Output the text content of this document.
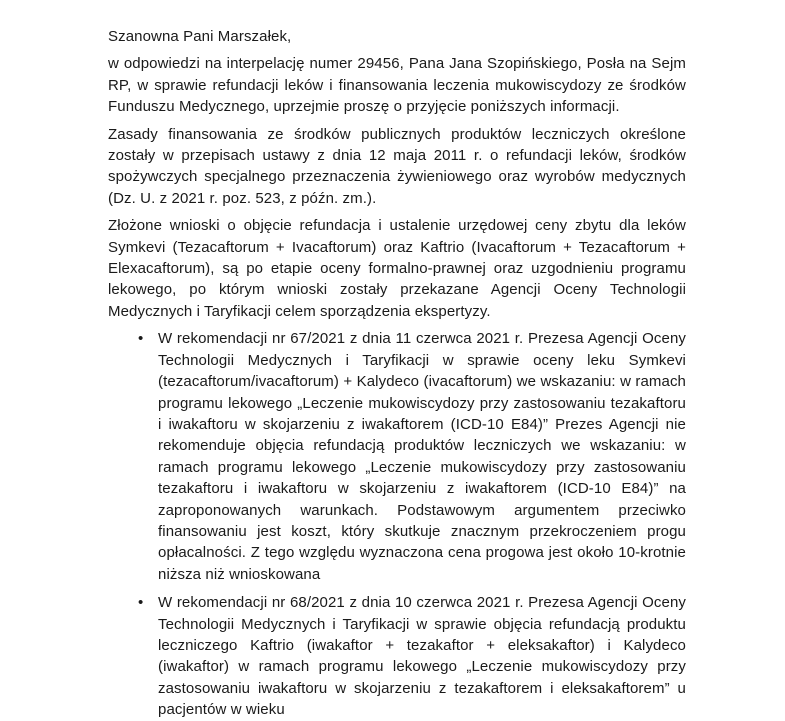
Szanowna Pani Marszałek,

w odpowiedzi na interpelację numer 29456, Pana Jana Szopińskiego, Posła na Sejm RP, w sprawie refundacji leków i finansowania leczenia mukowiscydozy ze środków Funduszu Medycznego, uprzejmie proszę o przyjęcie poniższych informacji.

Zasady finansowania ze środków publicznych produktów leczniczych określone zostały w przepisach ustawy z dnia 12 maja 2011 r. o refundacji leków, środków spożywczych specjalnego przeznaczenia żywieniowego oraz wyrobów medycznych (Dz. U. z 2021 r. poz. 523, z późn. zm.).

Złożone wnioski o objęcie refundacja i ustalenie urzędowej ceny zbytu dla leków Symkevi (Tezacaftorum + Ivacaftorum) oraz Kaftrio (Ivacaftorum + Tezacaftorum + Elexacaftorum), są po etapie oceny formalno-prawnej oraz uzgodnieniu programu lekowego, po którym wnioski zostały przekazane Agencji Oceny Technologii Medycznych i Taryfikacji celem sporządzenia ekspertyzy.

• W rekomendacji nr 67/2021 z dnia 11 czerwca 2021 r. Prezesa Agencji Oceny Technologii Medycznych i Taryfikacji w sprawie oceny leku Symkevi (tezacaftorum/ivacaftorum) + Kalydeco (ivacaftorum) we wskazaniu: w ramach programu lekowego „Leczenie mukowiscydozy przy zastosowaniu tezakaftoru i iwakaftoru w skojarzeniu z iwakaftorem (ICD-10 E84)” Prezes Agencji nie rekomenduje objęcia refundacją produktów leczniczych we wskazaniu: w ramach programu lekowego „Leczenie mukowiscydozy przy zastosowaniu tezakaftoru i iwakaftoru w skojarzeniu z iwakaftorem (ICD-10 E84)” na zaproponowanych warunkach. Podstawowym argumentem przeciwko finansowaniu jest koszt, który skutkuje znacznym przekroczeniem progu opłacalności. Z tego względu wyznaczona cena progowa jest około 10-krotnie niższa niż wnioskowana
• W rekomendacji nr 68/2021 z dnia 10 czerwca 2021 r. Prezesa Agencji Oceny Technologii Medycznych i Taryfikacji w sprawie objęcia refundacją produktu leczniczego Kaftrio (iwakaftor + tezakaftor + eleksakaftor) i Kalydeco (iwakaftor) w ramach programu lekowego „Leczenie mukowiscydozy przy zastosowaniu iwakaftoru w skojarzeniu z tezakaftorem i eleksakaftorem” u pacjentów w wieku
